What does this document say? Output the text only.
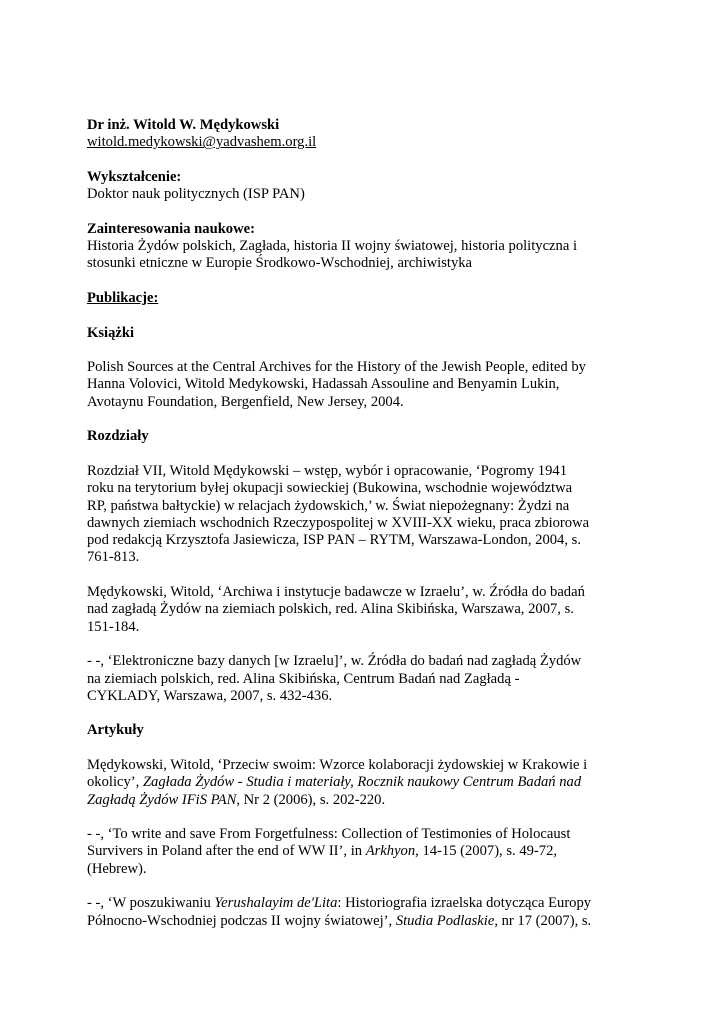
Dr inż. Witold W. Mędykowski
witold.medykowski@yadvashem.org.il
Wykształcenie:
Doktor nauk politycznych (ISP PAN)
Zainteresowania naukowe:
Historia Żydów polskich, Zagłada, historia II wojny światowej, historia polityczna i
stosunki etniczne w Europie Środkowo-Wschodniej, archiwistyka
Publikacje:
Książki
Polish Sources at the Central Archives for the History of the Jewish People, edited by
Hanna Volovici, Witold Medykowski, Hadassah Assouline and Benyamin Lukin,
Avotaynu Foundation, Bergenfield, New Jersey, 2004.
Rozdziały
Rozdział VII, Witold Mędykowski – wstęp, wybór i opracowanie, ‘Pogromy 1941
roku na terytorium byłej okupacji sowieckiej (Bukowina, wschodnie województwa
RP, państwa bałtyckie) w relacjach żydowskich,’ w. Świat niepożegnany: Żydzi na
dawnych ziemiach wschodnich Rzeczypospolitej w XVIII-XX wieku, praca zbiorowa
pod redakcją Krzysztofa Jasiewicza, ISP PAN – RYTM, Warszawa-London, 2004, s.
761-813.
Mędykowski, Witold, ‘Archiwa i instytucje badawcze w Izraelu’, w. Źródła do badań
nad zagładą Żydów na ziemiach polskich, red. Alina Skibińska, Warszawa, 2007, s.
151-184.
- -, ‘Elektroniczne bazy danych [w Izraelu]’, w. Źródła do badań nad zagładą Żydów
na ziemiach polskich, red. Alina Skibińska, Centrum Badań nad Zagładą -
CYKLADY, Warszawa, 2007, s. 432-436.
Artykuły
Mędykowski, Witold, ‘Przeciw swoim: Wzorce kolaboracji żydowskiej w Krakowie i
okolicy’, Zagłada Żydów - Studia i materiały, Rocznik naukowy Centrum Badań nad
Zagładą Żydów IFiS PAN, Nr 2 (2006), s. 202-220.
- -, ‘To write and save From Forgetfulness: Collection of Testimonies of Holocaust
Survivers in Poland after the end of WW II’, in Arkhyon, 14-15 (2007), s. 49-72,
(Hebrew).
- -, ‘W poszukiwaniu Yerushalayim de'Lita: Historiografia izraelska dotycząca Europy
Północno-Wschodniej podczas II wojny światowej’, Studia Podlaskie, nr 17 (2007), s.
